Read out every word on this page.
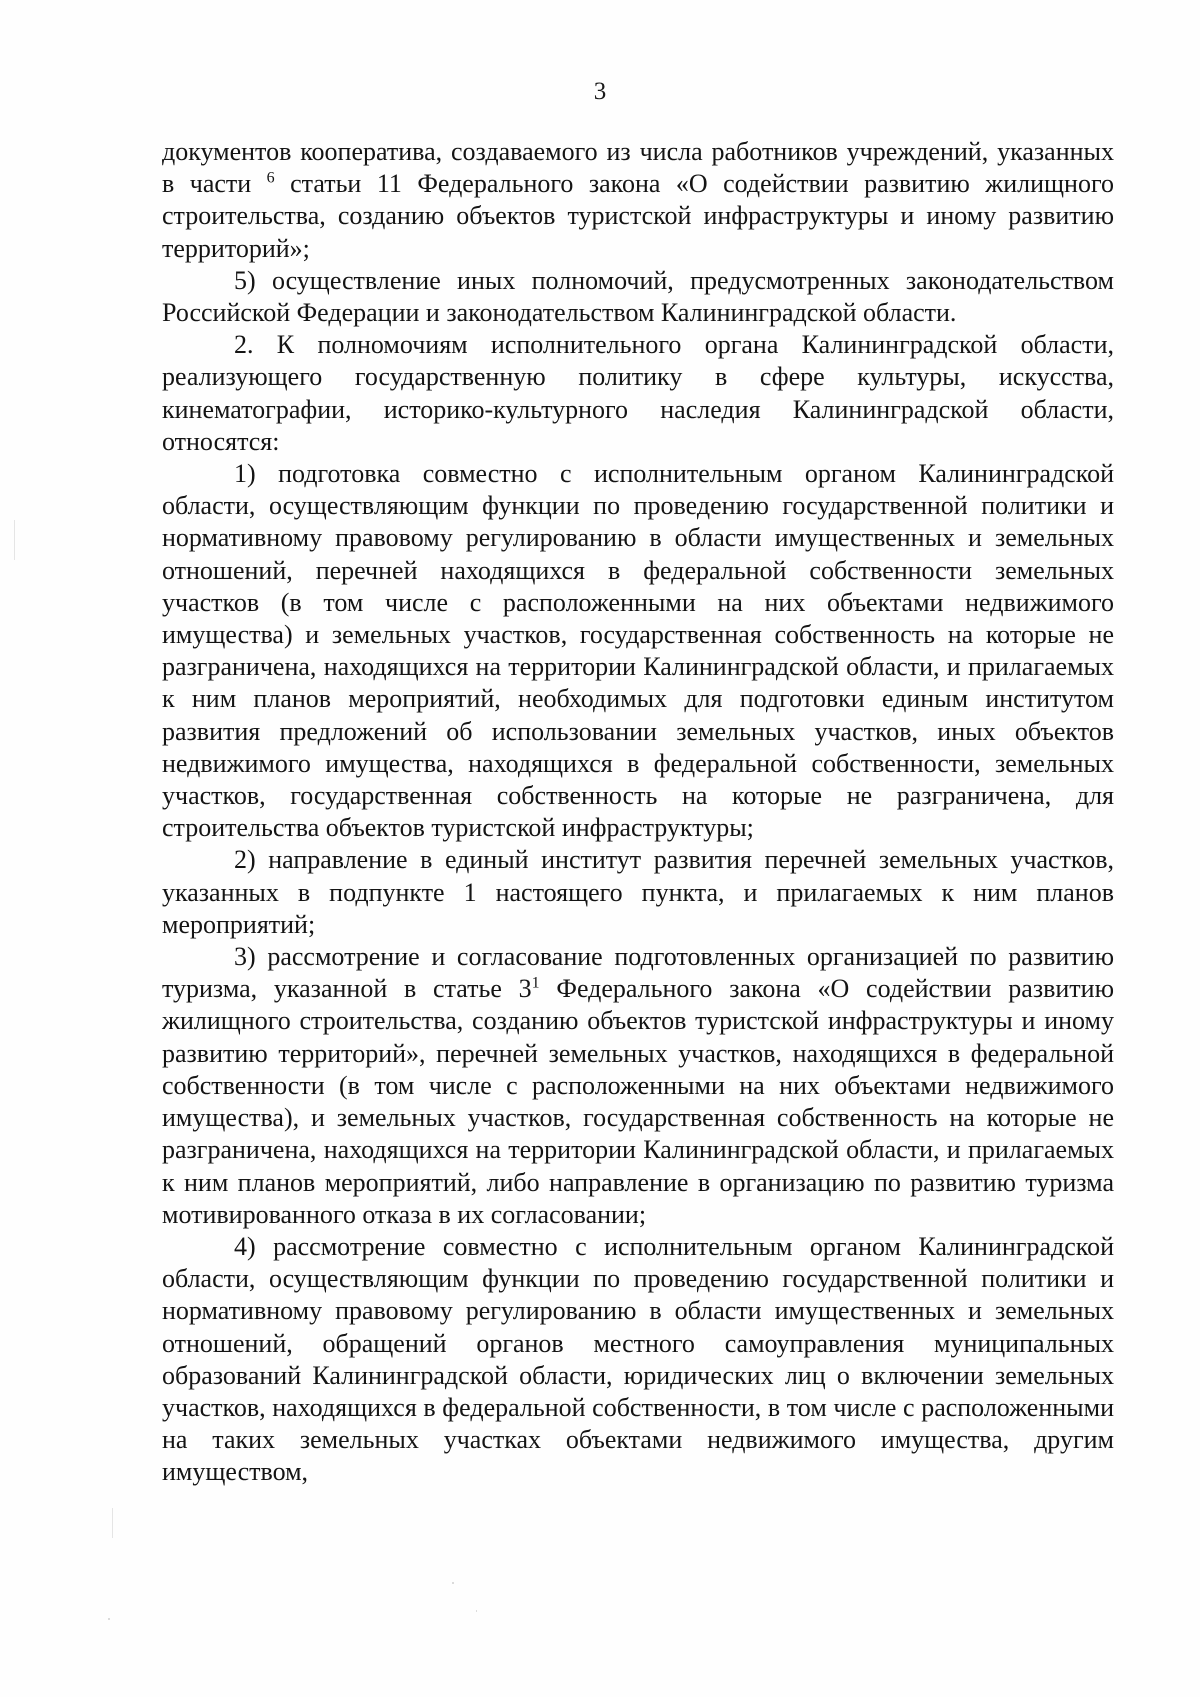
3

документов кооператива, создаваемого из числа работников учреждений, указанных в части $^6$ статьи 11 Федерального закона «О содействии развитию жилищного строительства, созданию объектов туристской инфраструктуры и иному развитию территорий»;

5) осуществление иных полномочий, предусмотренных законодательством Российской Федерации и законодательством Калининградской области.

2. К полномочиям исполнительного органа Калининградской области, реализующего государственную политику в сфере культуры, искусства, кинематографии, историко-культурного наследия Калининградской области, относятся:

1) подготовка совместно с исполнительным органом Калининградской области, осуществляющим функции по проведению государственной политики и нормативному правовому регулированию в области имущественных и земельных отношений, перечней находящихся в федеральной собственности земельных участков (в том числе с расположенными на них объектами недвижимого имущества) и земельных участков, государственная собственность на которые не разграничена, находящихся на территории Калининградской области, и прилагаемых к ним планов мероприятий, необходимых для подготовки единым институтом развития предложений об использовании земельных участков, иных объектов недвижимого имущества, находящихся в федеральной собственности, земельных участков, государственная собственность на которые не разграничена, для строительства объектов туристской инфраструктуры;

2) направление в единый институт развития перечней земельных участков, указанных в подпункте 1 настоящего пункта, и прилагаемых к ним планов мероприятий;

3) рассмотрение и согласование подготовленных организацией по развитию туризма, указанной в статье $3^1$ Федерального закона «О содействии развитию жилищного строительства, созданию объектов туристской инфраструктуры и иному развитию территорий», перечней земельных участков, находящихся в федеральной собственности (в том числе с расположенными на них объектами недвижимого имущества), и земельных участков, государственная собственность на которые не разграничена, находящихся на территории Калининградской области, и прилагаемых к ним планов мероприятий, либо направление в организацию по развитию туризма мотивированного отказа в их согласовании;

4) рассмотрение совместно с исполнительным органом Калининградской области, осуществляющим функции по проведению государственной политики и нормативному правовому регулированию в области имущественных и земельных отношений, обращений органов местного самоуправления муниципальных образований Калининградской области, юридических лиц о включении земельных участков, находящихся в федеральной собственности, в том числе с расположенными на таких земельных участках объектами недвижимого имущества, другим имуществом,
